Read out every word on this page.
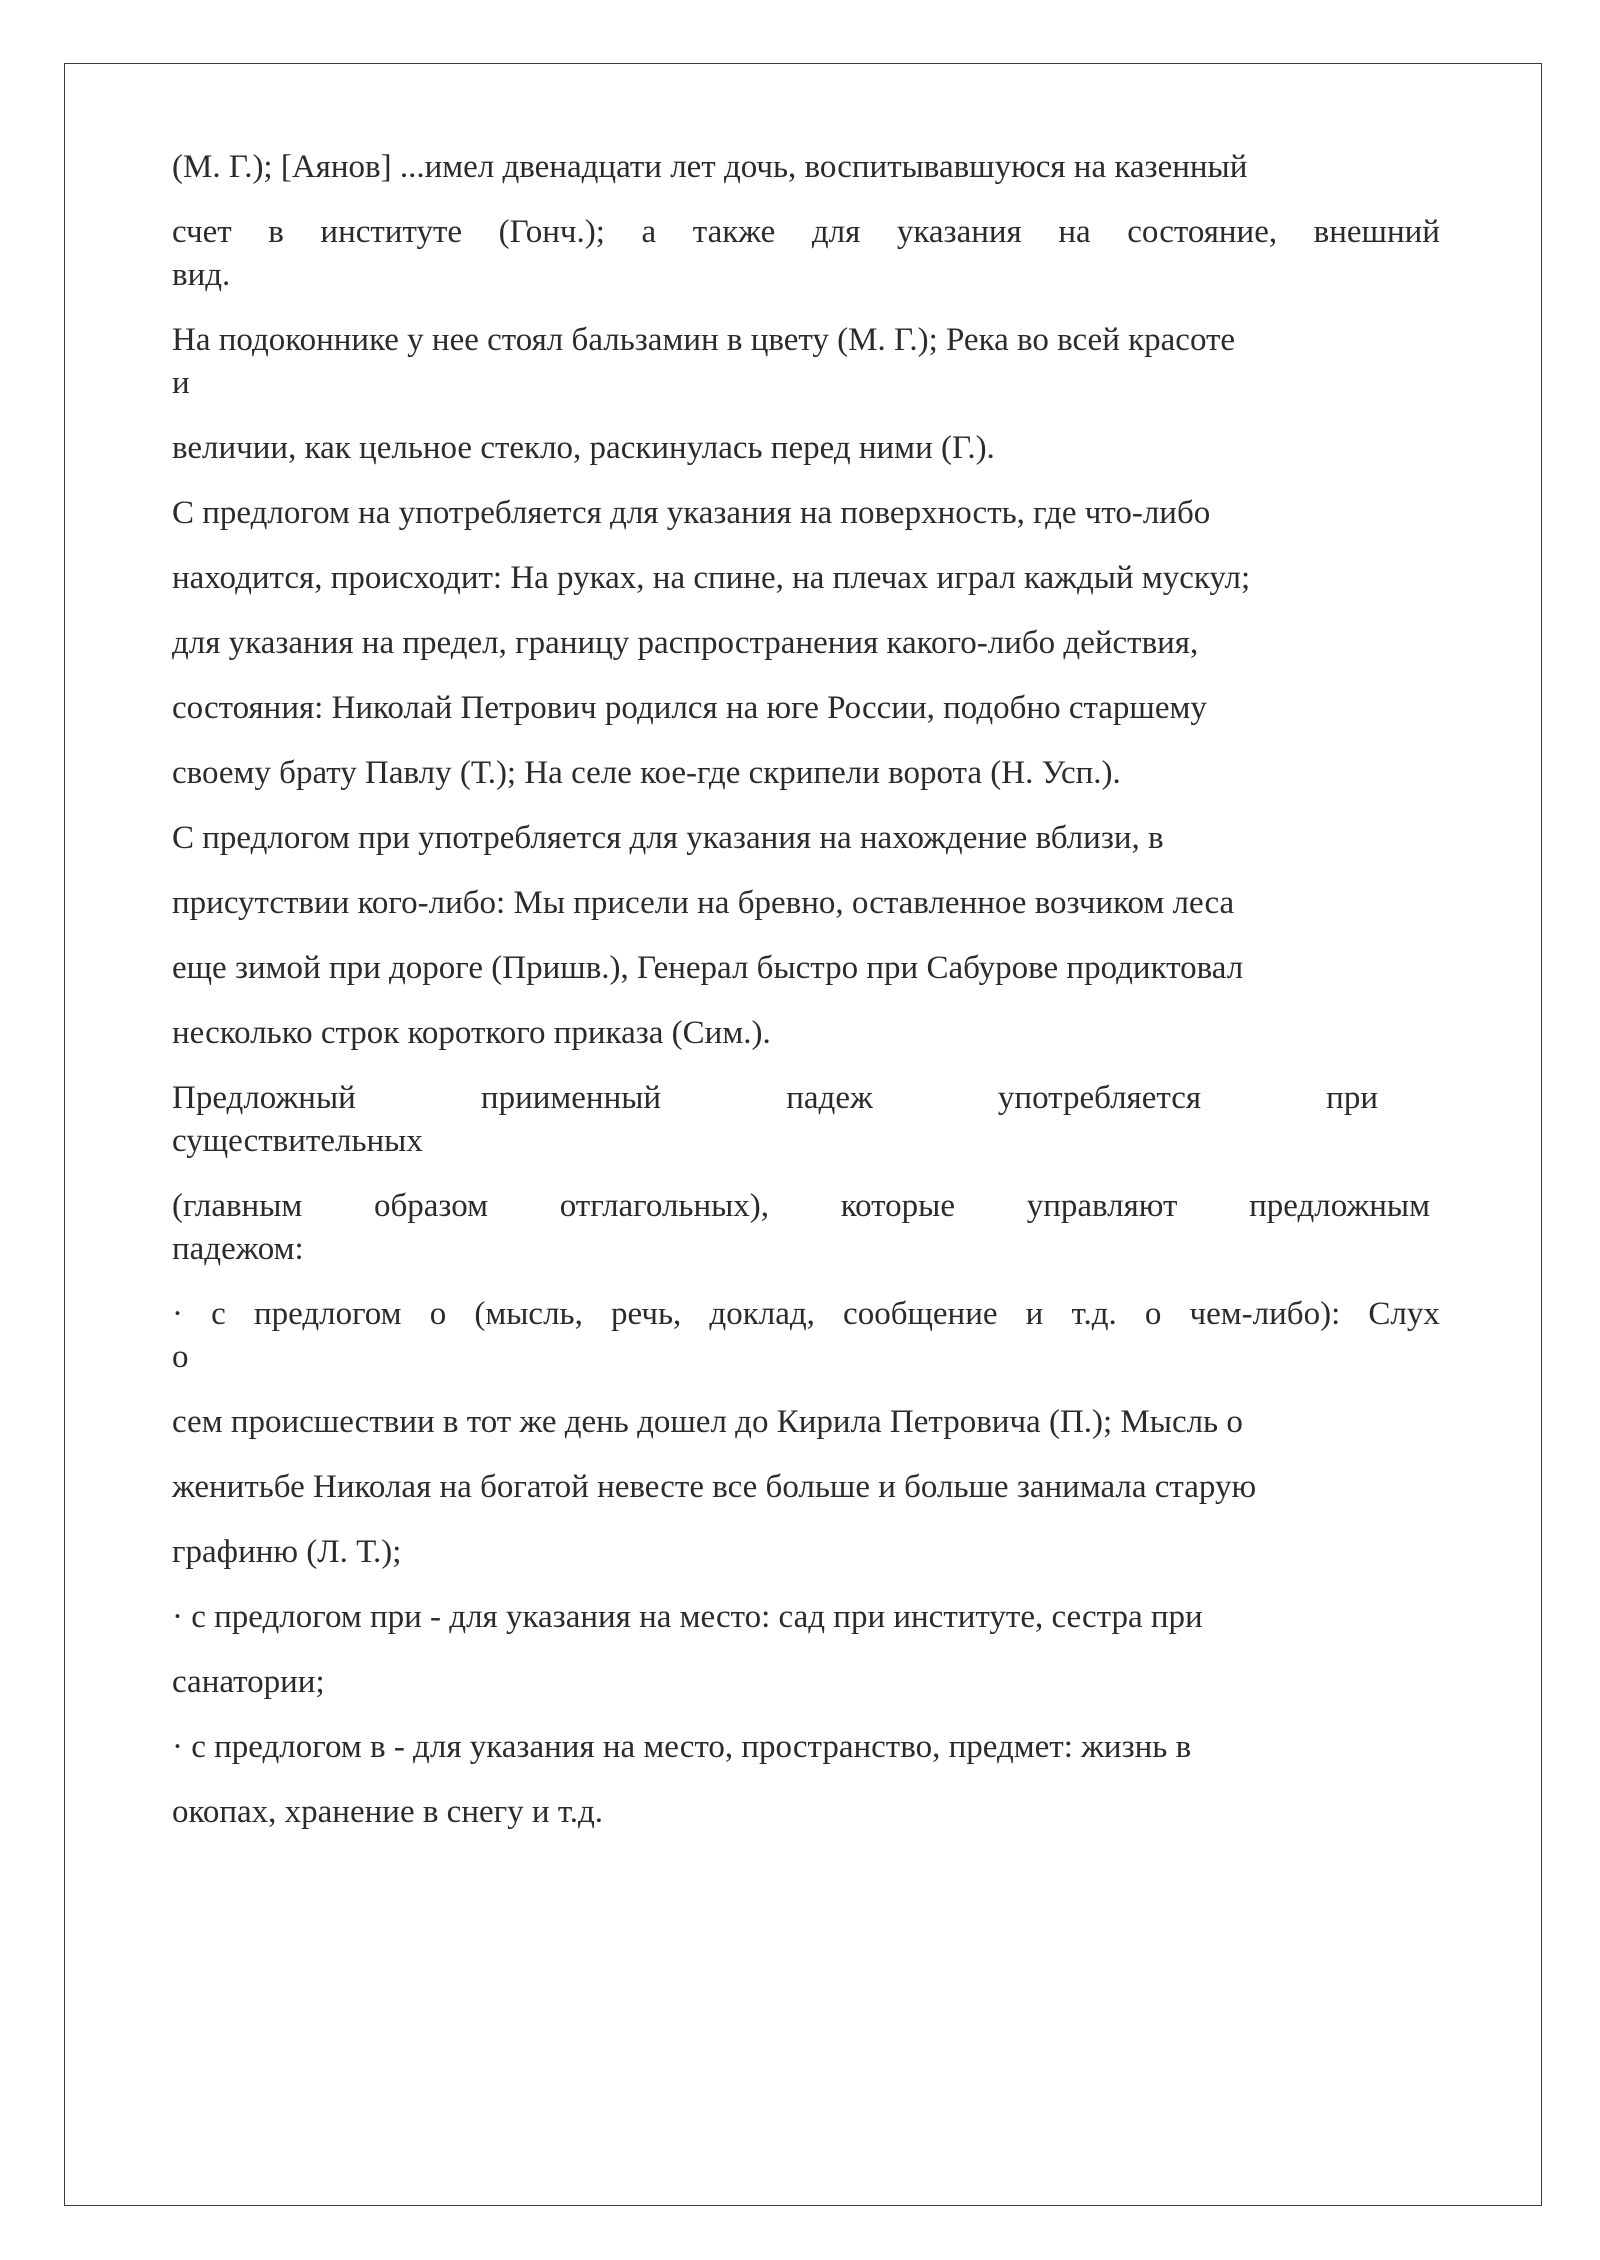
(М. Г.); [Аянов] ...имел двенадцати лет дочь, воспитывавшуюся на казенный
счет в институте (Гонч.); а также для указания на состояние, внешний
вид.
На подоконнике у нее стоял бальзамин в цвету (М. Г.); Река во всей красоте
и
величии, как цельное стекло, раскинулась перед ними (Г.).
С предлогом на употребляется для указания на поверхность, где что-либо
находится, происходит: На руках, на спине, на плечах играл каждый мускул;
для указания на предел, границу распространения какого-либо действия,
состояния: Николай Петрович родился на юге России, подобно старшему
своему брату Павлу (Т.); На селе кое-где скрипели ворота (Н. Усп.).
С предлогом при употребляется для указания на нахождение вблизи, в
присутствии кого-либо: Мы присели на бревно, оставленное возчиком леса
еще зимой при дороге (Пришв.), Генерал быстро при Сабурове продиктовал
несколько строк короткого приказа (Сим.).
Предложный	приименный	падеж	употребляется	при
существительных
(главным образом отглагольных), которые управляют предложным
падежом:
· с предлогом о (мысль, речь, доклад, сообщение и т.д. о чем-либо): Слух
о
сем происшествии в тот же день дошел до Кирила Петровича (П.); Мысль о
женитьбе Николая на богатой невесте все больше и больше занимала старую
графиню (Л. Т.);
· с предлогом при - для указания на место: сад при институте, сестра при
санатории;
· с предлогом в - для указания на место, пространство, предмет: жизнь в
окопах, хранение в снегу и т.д.
